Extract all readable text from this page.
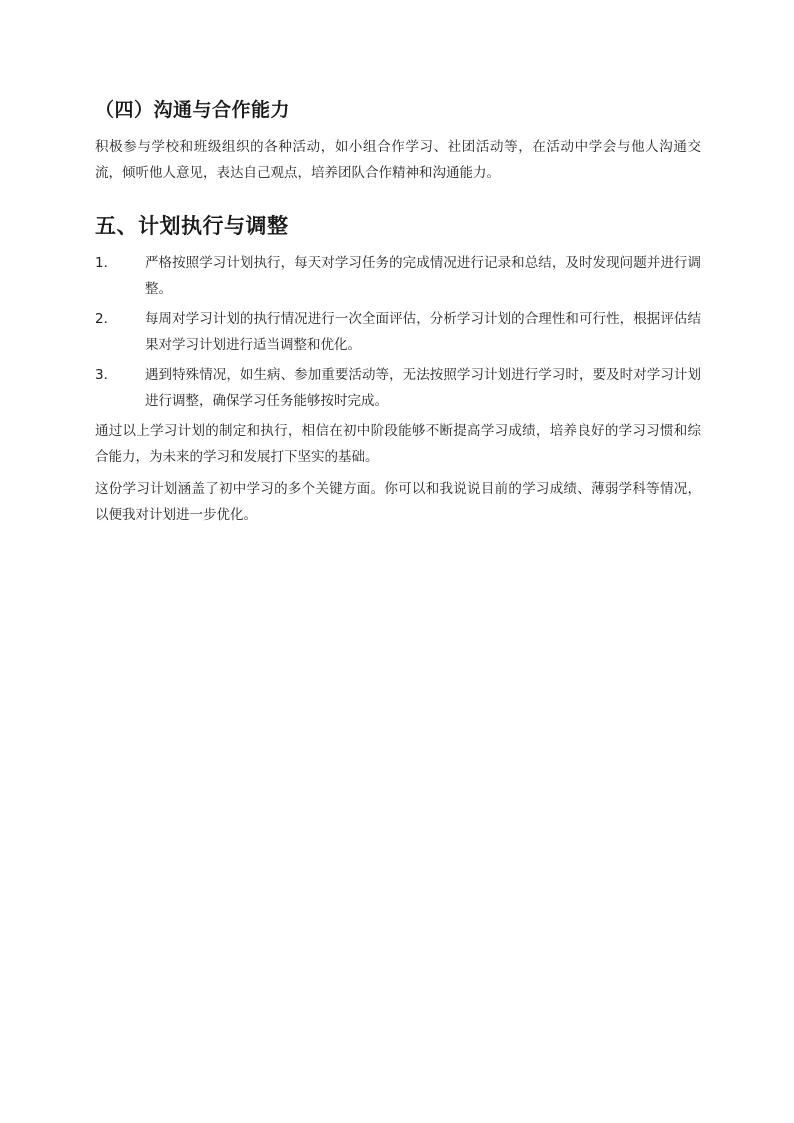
（四）沟通与合作能力

积极参与学校和班级组织的各种活动，如小组合作学习、社团活动等，在活动中学会与他人沟通交流，倾听他人意见，表达自己观点，培养团队合作精神和沟通能力。

五、计划执行与调整
1.	严格按照学习计划执行，每天对学习任务的完成情况进行记录和总结，及时发现问题并进行调整。
2.	每周对学习计划的执行情况进行一次全面评估，分析学习计划的合理性和可行性，根据评估结果对学习计划进行适当调整和优化。
3.	遇到特殊情况，如生病、参加重要活动等，无法按照学习计划进行学习时，要及时对学习计划进行调整，确保学习任务能够按时完成。

通过以上学习计划的制定和执行，相信在初中阶段能够不断提高学习成绩，培养良好的学习习惯和综合能力，为未来的学习和发展打下坚实的基础。

这份学习计划涵盖了初中学习的多个关键方面。你可以和我说说目前的学习成绩、薄弱学科等情况，以便我对计划进一步优化。
